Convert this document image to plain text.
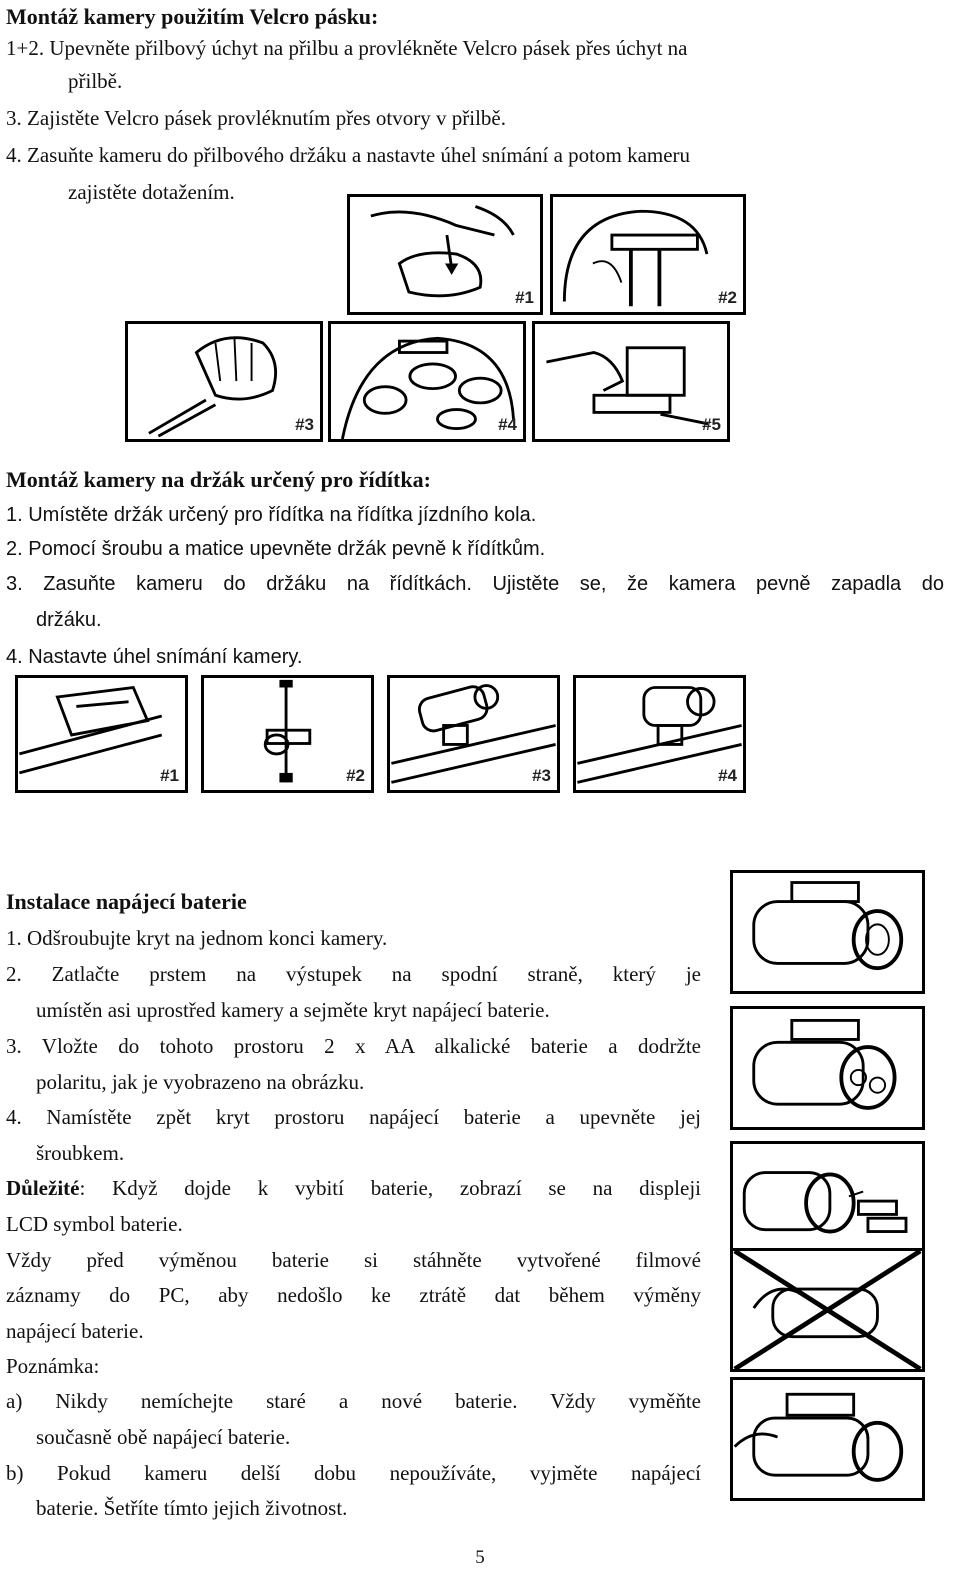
Montáž kamery použitím Velcro pásku:
1+2. Upevněte přilbový úchyt na přilbu a provlékněte Velcro pásek přes úchyt na
přilbě.
3. Zajistěte Velcro pásek provléknutím přes otvory v přilbě.
4. Zasuňte kameru do přilbového držáku a nastavte úhel snímání a potom kameru
zajistěte dotažením.
#1	#2
#3	#4	#5
Montáž kamery na držák určený pro řídítka:
1. Umístěte držák určený pro řídítka na řídítka jízdního kola.
2. Pomocí šroubu a matice upevněte držák pevně k řídítkům.
3. Zasuňte kameru do držáku na řídítkách. Ujistěte se, že kamera pevně zapadla do
držáku.
4. Nastavte úhel snímání kamery.
#1	#2	#3	#4
Instalace napájecí baterie
1. Odšroubujte kryt na jednom konci kamery.
2. Zatlačte prstem na výstupek na spodní straně, který je
umístěn asi uprostřed kamery a sejměte kryt napájecí baterie.
3. Vložte do tohoto prostoru 2 x AA alkalické baterie a dodržte
polaritu, jak je vyobrazeno na obrázku.
4. Namístěte zpět kryt prostoru napájecí baterie a upevněte jej
šroubkem.
Důležité : Když dojde k vybití baterie, zobrazí se na displeji
LCD symbol baterie.
Vždy před výměnou baterie si stáhněte vytvořené filmové
záznamy do PC, aby nedošlo ke ztrátě dat během výměny
napájecí baterie.
Poznámka:
a) Nikdy nemíchejte staré a nové baterie. Vždy vyměňte
současně obě napájecí baterie.
b) Pokud kameru delší dobu nepoužíváte, vyjměte napájecí
baterie. Šetříte tímto jejich životnost.
5
